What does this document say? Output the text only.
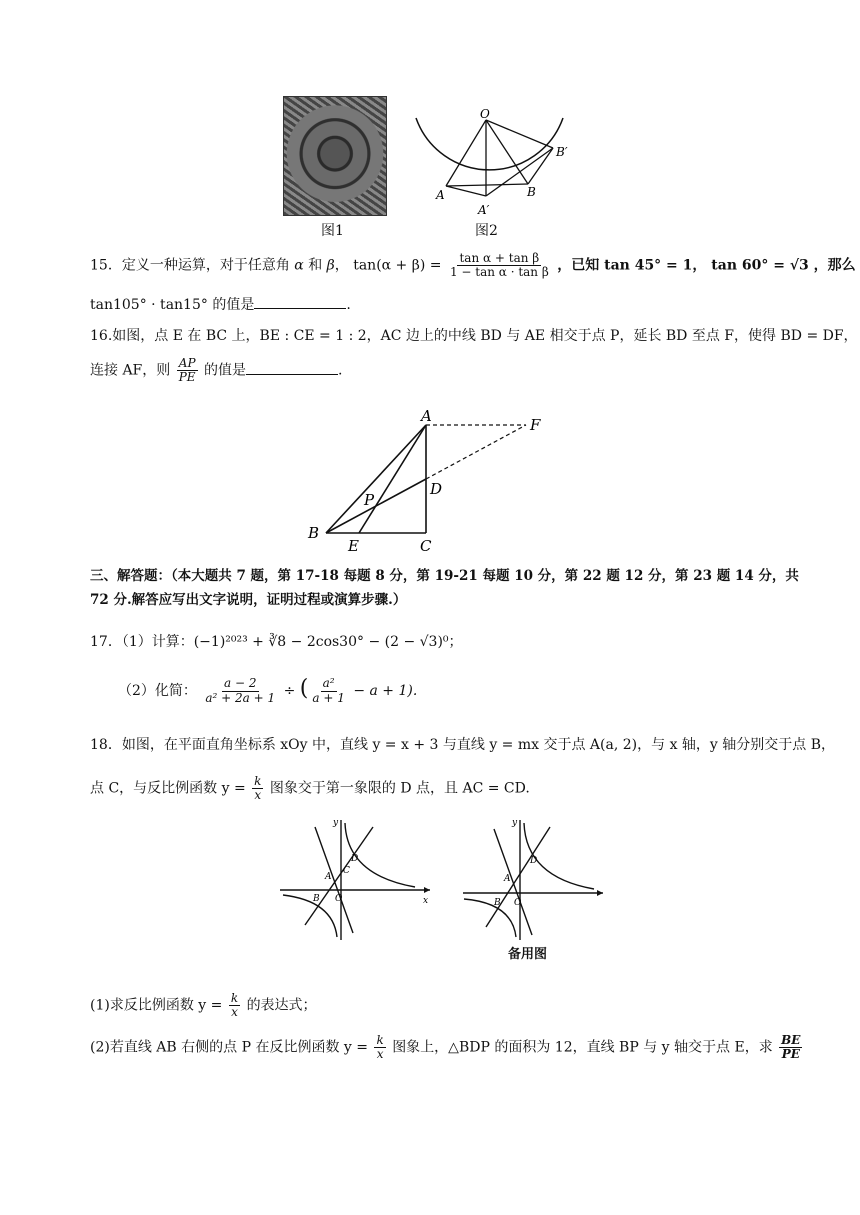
图1
O
B′
A
A′
B
图2
15．定义一种运算，对于任意角 α 和 β， $\tan(\alpha + \beta) = \frac{\text{tan α + tan β}}{\text{1 − tan α · tan β}}$ ，已知 tan 45° = 1， tan 60° = √3 ，那么
tan105° · tan15° 的值是	.
16.如图，点 E 在 BC 上，BE : CE = 1 : 2，AC 边上的中线 BD 与 AE 相交于点 P，延长 BD 至点 F，使得 BD = DF，
连接 AF，则 $\frac{AP}{PE}$ 的值是	.
A	F
D
P
B
E	C
三、解答题：（本大题共 7 题，第 17-18 每题 8 分，第 19-21 每题 10 分，第 22 题 12 分，第 23 题 14 分，共
72 分.解答应写出文字说明，证明过程或演算步骤.）
17．（1）计算：(−1)²⁰²³ + ∛8 − 2cos30° − (2 − √3)⁰；
（2）化简： $\frac{a - 2}{\text{a² + 2a + 1}}$ ÷ ( $\frac{\text{a²}}{a + 1} - a + 1$).
18．如图，在平面直角坐标系 xOy 中，直线 y = x + 3 与直线 y = mx 交于点 A(a, 2)，与 x 轴，y 轴分别交于点 B，
点 C，与反比例函数 $y = \frac{k}{x}$ 图象交于第一象限的 D 点，且 AC = CD.
y
x
D
C
A
B O
y
D
A
B O
备用图
(1)求反比例函数 $y = \frac{k}{x}$ 的表达式；
(2)若直线 AB 右侧的点 P 在反比例函数 $y = \frac{k}{x}$ 图象上，△BDP 的面积为 12，直线 BP 与 y 轴交于点 E，求 $\frac{BE}{PE}$
